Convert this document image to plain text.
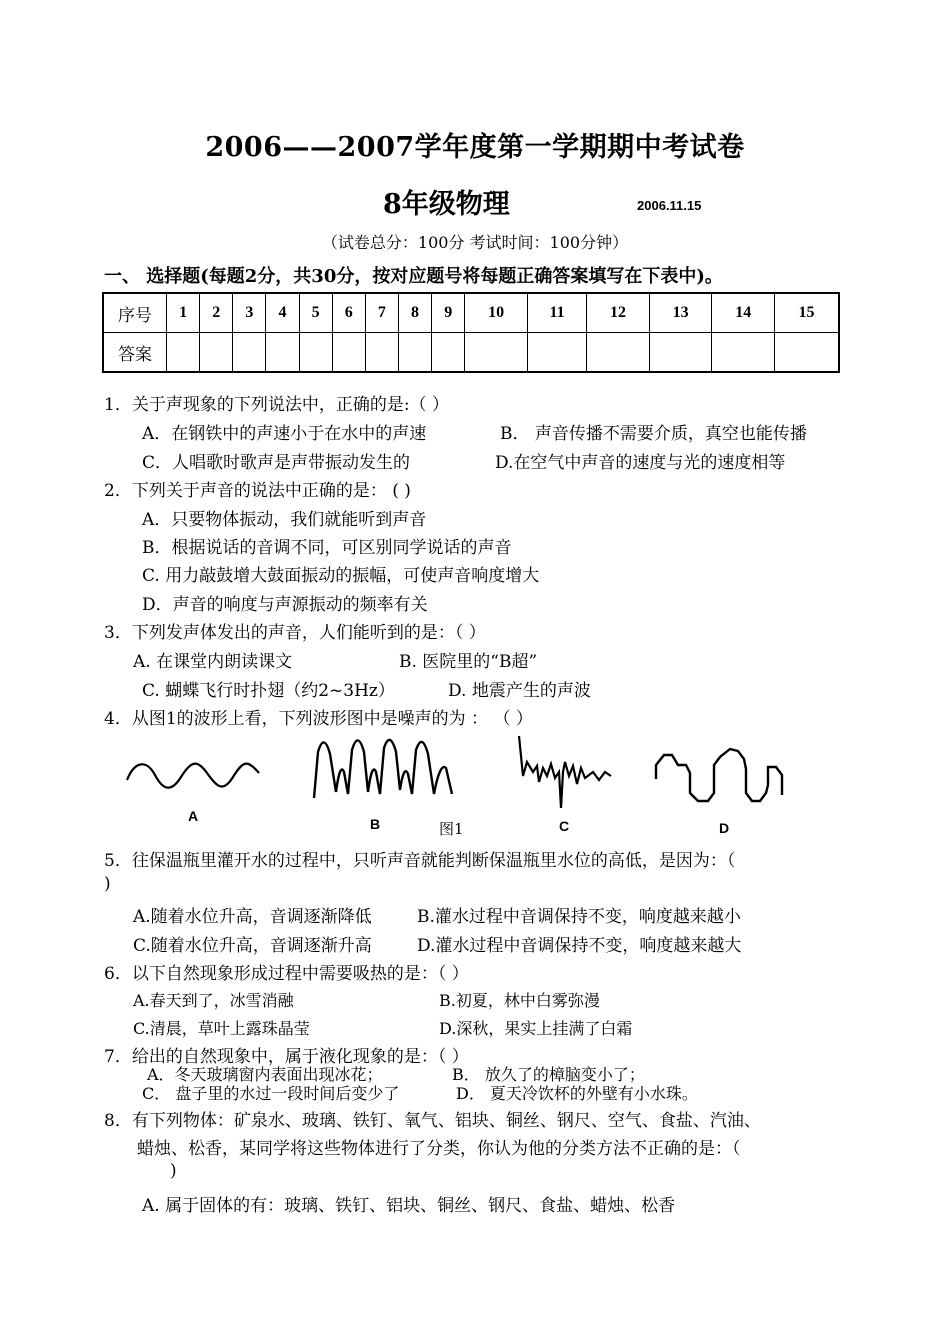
2006——2007学年度第一学期期中考试卷
8年级物理	2006.11.15
（试卷总分：100分 考试时间：100分钟）
一、 选择题(每题2分，共30分，按对应题号将每题正确答案填写在下表中)。
序号	1	2	3	4	5	6	7	8	9	10	11	12	13	14	15
答案															
1．关于声现象的下列说法中，正确的是:（ ）
A．在钢铁中的声速小于在水中的声速	B． 声音传播不需要介质，真空也能传播
C．人唱歌时歌声是声带振动发生的	D.在空气中声音的速度与光的速度相等
2．下列关于声音的说法中正确的是： ( )
A．只要物体振动，我们就能听到声音
B．根据说话的音调不同，可区别同学说话的声音
C. 用力敲鼓增大鼓面振动的振幅，可使声音响度增大
D．声音的响度与声源振动的频率有关
3．下列发声体发出的声音，人们能听到的是：（ ）
A. 在课堂内朗读课文	B. 医院里的“B超”
C. 蝴蝶飞行时扑翅（约2~3Hz）	D. 地震产生的声波
4．从图1的波形上看，下列波形图中是噪声的为 ： （ ）
A	B	C	D
图1
5．往保温瓶里灌开水的过程中，只听声音就能判断保温瓶里水位的高低，是因为：（
)
A.随着水位升高，音调逐渐降低	B.灌水过程中音调保持不变，响度越来越小
C.随着水位升高，音调逐渐升高	D.灌水过程中音调保持不变，响度越来越大
6．以下自然现象形成过程中需要吸热的是：（ ）
A.春天到了，冰雪消融	B.初夏，林中白雾弥漫
C.清晨，草叶上露珠晶莹	D.深秋，果实上挂满了白霜
7．给出的自然现象中，属于液化现象的是：（ ）
A．冬天玻璃窗内表面出现冰花；	B． 放久了的樟脑变小了；
C． 盘子里的水过一段时间后变少了	D． 夏天冷饮杯的外壁有小水珠。
8．有下列物体：矿泉水、玻璃、铁钉、氧气、铝块、铜丝、钢尺、空气、食盐、汽油、
蜡烛、松香，某同学将这些物体进行了分类，你认为他的分类方法不正确的是：（
)
A. 属于固体的有：玻璃、铁钉、铝块、铜丝、钢尺、食盐、蜡烛、松香
